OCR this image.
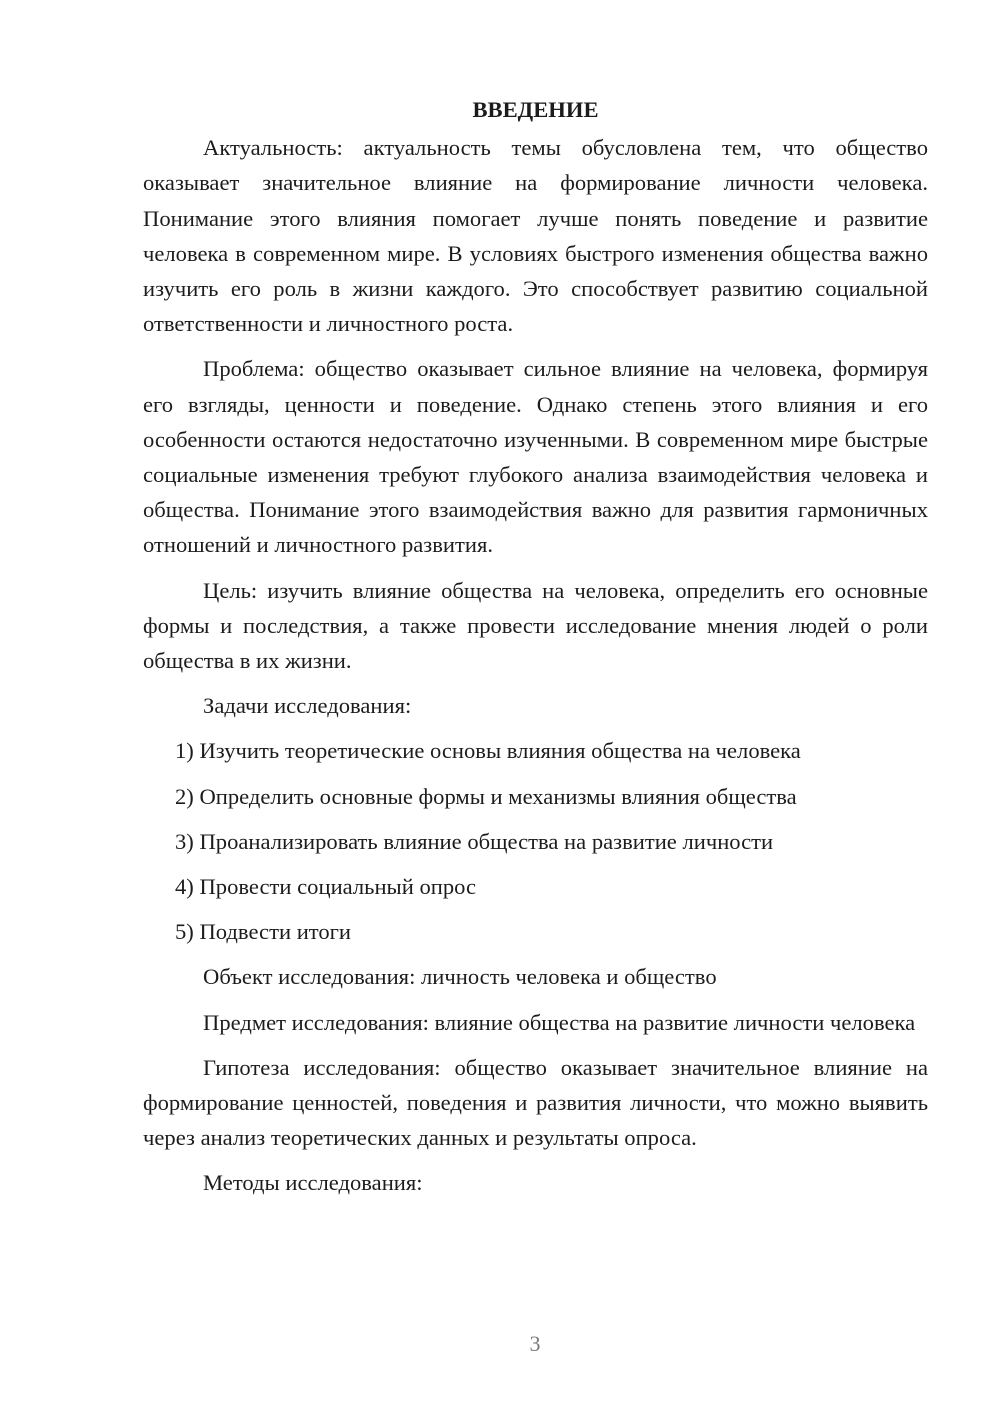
ВВЕДЕНИЕ

Актуальность: актуальность темы обусловлена тем, что общество оказывает значительное влияние на формирование личности человека. Понимание этого влияния помогает лучше понять поведение и развитие человека в современном мире. В условиях быстрого изменения общества важно изучить его роль в жизни каждого. Это способствует развитию социальной ответственности и личностного роста.

Проблема: общество оказывает сильное влияние на человека, формируя его взгляды, ценности и поведение. Однако степень этого влияния и его особенности остаются недостаточно изученными. В современном мире быстрые социальные изменения требуют глубокого анализа взаимодействия человека и общества. Понимание этого взаимодействия важно для развития гармоничных отношений и личностного развития.

Цель: изучить влияние общества на человека, определить его основные формы и последствия, а также провести исследование мнения людей о роли общества в их жизни.

Задачи исследования:

1) Изучить теоретические основы влияния общества на человека
2) Определить основные формы и механизмы влияния общества
3) Проанализировать влияние общества на развитие личности
4) Провести социальный опрос
5) Подвести итоги

Объект исследования: личность человека и общество

Предмет исследования: влияние общества на развитие личности человека

Гипотеза исследования: общество оказывает значительное влияние на формирование ценностей, поведения и развития личности, что можно выявить через анализ теоретических данных и результаты опроса.

Методы исследования:

3
